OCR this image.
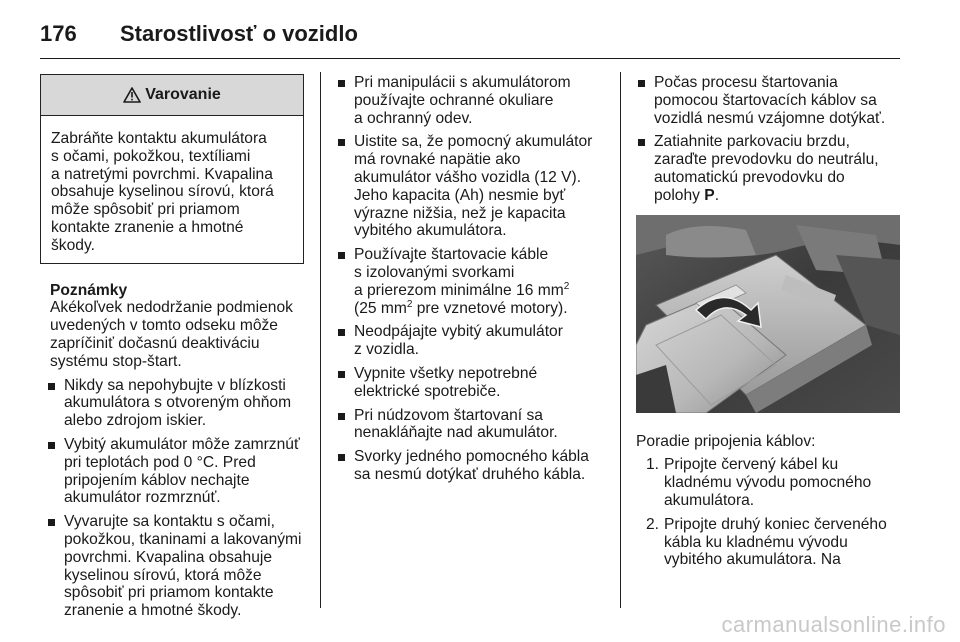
176	Starostlivosť o vozidlo
Varovanie
Zabráňte kontaktu akumulátora
s očami, pokožkou, textíliami
a natretými povrchmi. Kvapalina
obsahuje kyselinou sírovú, ktorá
môže spôsobiť pri priamom
kontakte zranenie a hmotné
škody.
Poznámky
Akékoľvek nedodržanie podmienok
uvedených v tomto odseku môže
zapríčiniť dočasnú deaktiváciu
systému stop-štart.
Nikdy sa nepohybujte v blízkosti
akumulátora s otvoreným ohňom
alebo zdrojom iskier.
Vybitý akumulátor môže zamrznúť
pri teplotách pod 0 °C. Pred
pripojením káblov nechajte
akumulátor rozmrznúť.
Vyvarujte sa kontaktu s očami,
pokožkou, tkaninami a lakovanými
povrchmi. Kvapalina obsahuje
kyselinou sírovú, ktorá môže
spôsobiť pri priamom kontakte
zranenie a hmotné škody.
Pri manipulácii s akumulátorom
používajte ochranné okuliare
a ochranný odev.
Uistite sa, že pomocný akumulátor
má rovnaké napätie ako
akumulátor vášho vozidla (12 V).
Jeho kapacita (Ah) nesmie byť
výrazne nižšia, než je kapacita
vybitého akumulátora.
Používajte štartovacie káble
s izolovanými svorkami
a prierezom minimálne 16 $mm^2$
(25 $mm^2$ pre vznetové motory).
Neodpájajte vybitý akumulátor
z vozidla.
Vypnite všetky nepotrebné
elektrické spotrebiče.
Pri núdzovom štartovaní sa
nenakláňajte nad akumulátor.
Svorky jedného pomocného kábla
sa nesmú dotýkať druhého kábla.
Počas procesu štartovania
pomocou štartovacích káblov sa
vozidlá nesmú vzájomne dotýkať.
Zatiahnite parkovaciu brzdu,
zaraďte prevodovku do neutrálu,
automatickú prevodovku do
polohy P.
Poradie pripojenia káblov:
1. Pripojte červený kábel ku
kladnému vývodu pomocného
akumulátora.
2. Pripojte druhý koniec červeného
kábla ku kladnému vývodu
vybitého akumulátora. Na
carmanualsonline.info
